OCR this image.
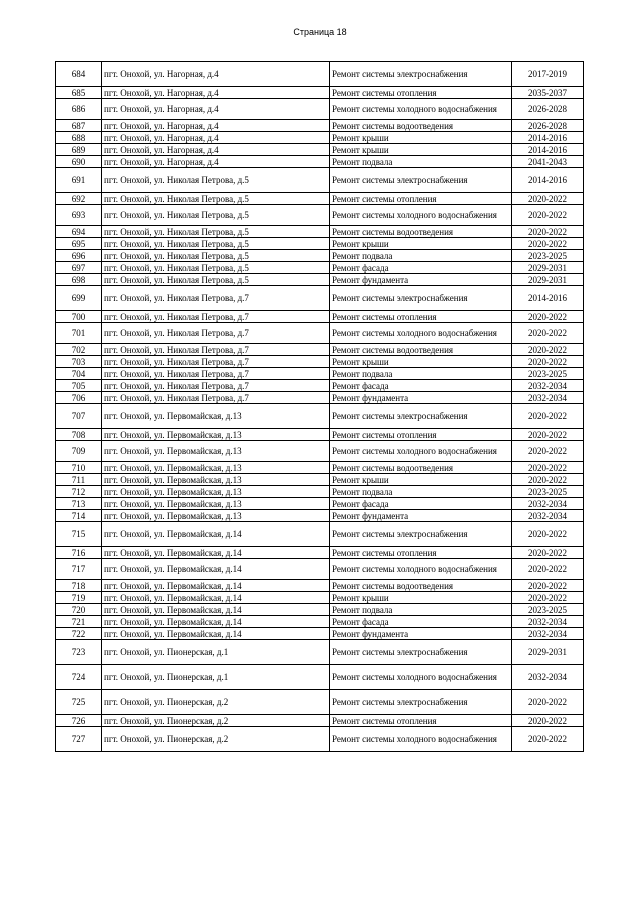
Страница 18
684	пгт. Онохой, ул. Нагорная, д.4	Ремонт системы электроснабжения	2017-2019
685	пгт. Онохой, ул. Нагорная, д.4	Ремонт системы отопления	2035-2037
686	пгт. Онохой, ул. Нагорная, д.4	Ремонт системы холодного водоснабжения	2026-2028
687	пгт. Онохой, ул. Нагорная, д.4	Ремонт системы водоотведения	2026-2028
688	пгт. Онохой, ул. Нагорная, д.4	Ремонт крыши	2014-2016
689	пгт. Онохой, ул. Нагорная, д.4	Ремонт крыши	2014-2016
690	пгт. Онохой, ул. Нагорная, д.4	Ремонт подвала	2041-2043
691	пгт. Онохой, ул. Николая Петрова, д.5	Ремонт системы электроснабжения	2014-2016
692	пгт. Онохой, ул. Николая Петрова, д.5	Ремонт системы отопления	2020-2022
693	пгт. Онохой, ул. Николая Петрова, д.5	Ремонт системы холодного водоснабжения	2020-2022
694	пгт. Онохой, ул. Николая Петрова, д.5	Ремонт системы водоотведения	2020-2022
695	пгт. Онохой, ул. Николая Петрова, д.5	Ремонт крыши	2020-2022
696	пгт. Онохой, ул. Николая Петрова, д.5	Ремонт подвала	2023-2025
697	пгт. Онохой, ул. Николая Петрова, д.5	Ремонт фасада	2029-2031
698	пгт. Онохой, ул. Николая Петрова, д.5	Ремонт фундамента	2029-2031
699	пгт. Онохой, ул. Николая Петрова, д.7	Ремонт системы электроснабжения	2014-2016
700	пгт. Онохой, ул. Николая Петрова, д.7	Ремонт системы отопления	2020-2022
701	пгт. Онохой, ул. Николая Петрова, д.7	Ремонт системы холодного водоснабжения	2020-2022
702	пгт. Онохой, ул. Николая Петрова, д.7	Ремонт системы водоотведения	2020-2022
703	пгт. Онохой, ул. Николая Петрова, д.7	Ремонт крыши	2020-2022
704	пгт. Онохой, ул. Николая Петрова, д.7	Ремонт подвала	2023-2025
705	пгт. Онохой, ул. Николая Петрова, д.7	Ремонт фасада	2032-2034
706	пгт. Онохой, ул. Николая Петрова, д.7	Ремонт фундамента	2032-2034
707	пгт. Онохой, ул. Первомайская, д.13	Ремонт системы электроснабжения	2020-2022
708	пгт. Онохой, ул. Первомайская, д.13	Ремонт системы отопления	2020-2022
709	пгт. Онохой, ул. Первомайская, д.13	Ремонт системы холодного водоснабжения	2020-2022
710	пгт. Онохой, ул. Первомайская, д.13	Ремонт системы водоотведения	2020-2022
711	пгт. Онохой, ул. Первомайская, д.13	Ремонт крыши	2020-2022
712	пгт. Онохой, ул. Первомайская, д.13	Ремонт подвала	2023-2025
713	пгт. Онохой, ул. Первомайская, д.13	Ремонт фасада	2032-2034
714	пгт. Онохой, ул. Первомайская, д.13	Ремонт фундамента	2032-2034
715	пгт. Онохой, ул. Первомайская, д.14	Ремонт системы электроснабжения	2020-2022
716	пгт. Онохой, ул. Первомайская, д.14	Ремонт системы отопления	2020-2022
717	пгт. Онохой, ул. Первомайская, д.14	Ремонт системы холодного водоснабжения	2020-2022
718	пгт. Онохой, ул. Первомайская, д.14	Ремонт системы водоотведения	2020-2022
719	пгт. Онохой, ул. Первомайская, д.14	Ремонт крыши	2020-2022
720	пгт. Онохой, ул. Первомайская, д.14	Ремонт подвала	2023-2025
721	пгт. Онохой, ул. Первомайская, д.14	Ремонт фасада	2032-2034
722	пгт. Онохой, ул. Первомайская, д.14	Ремонт фундамента	2032-2034
723	пгт. Онохой, ул. Пионерская, д.1	Ремонт системы электроснабжения	2029-2031
724	пгт. Онохой, ул. Пионерская, д.1	Ремонт системы холодного водоснабжения	2032-2034
725	пгт. Онохой, ул. Пионерская, д.2	Ремонт системы электроснабжения	2020-2022
726	пгт. Онохой, ул. Пионерская, д.2	Ремонт системы отопления	2020-2022
727	пгт. Онохой, ул. Пионерская, д.2	Ремонт системы холодного водоснабжения	2020-2022
